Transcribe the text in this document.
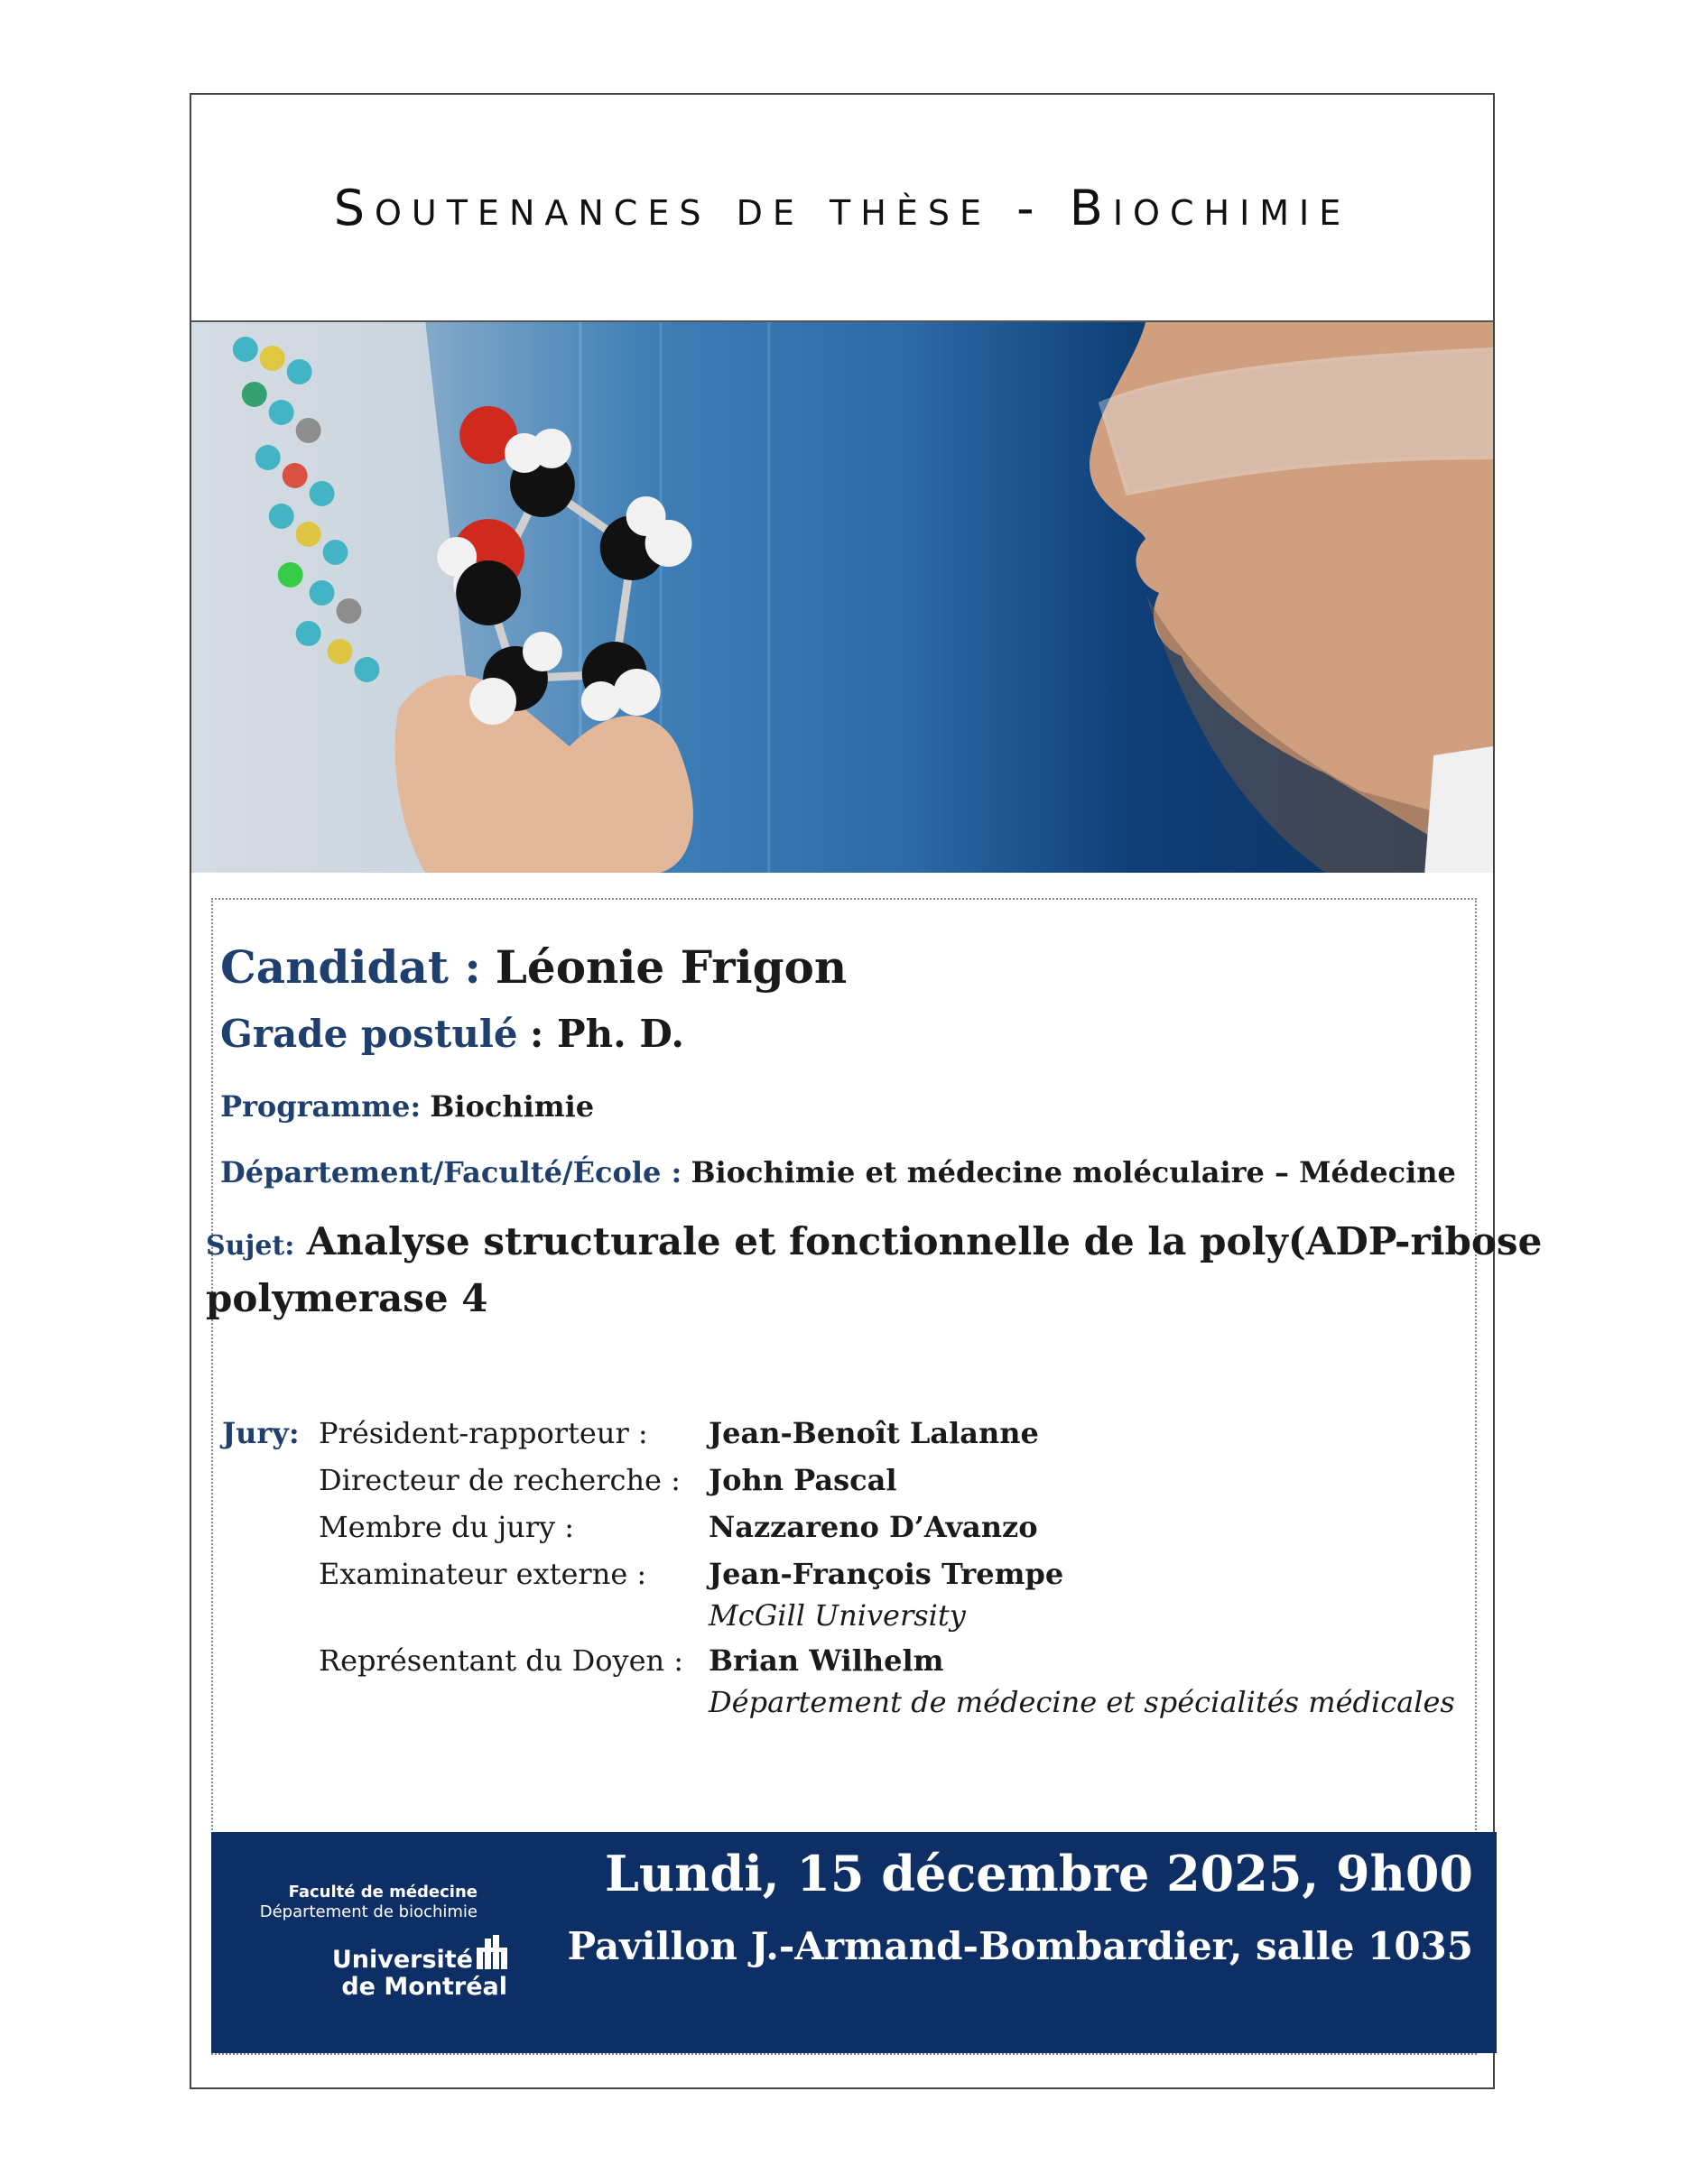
Soutenances de thèse - Biochimie
Candidat : Léonie Frigon
Grade postulé : Ph. D.
Programme: Biochimie
Département/Faculté/École : Biochimie et médecine moléculaire – Médecine
Sujet: Analyse structurale et fonctionnelle de la poly(ADP-ribose
polymerase 4
Jury: Président-rapporteur : Jean-Benoît Lalanne
Directeur de recherche : John Pascal
Membre du jury :	Nazzareno D’Avanzo
Examinateur externe : Jean-François Trempe
McGill University
Représentant du Doyen : Brian Wilhelm
Département de médecine et spécialités médicales
Faculté de médecine
Département de biochimie
Université
de Montréal
Lundi, 15 décembre 2025, 9h00
Pavillon J.-Armand-Bombardier, salle 1035
